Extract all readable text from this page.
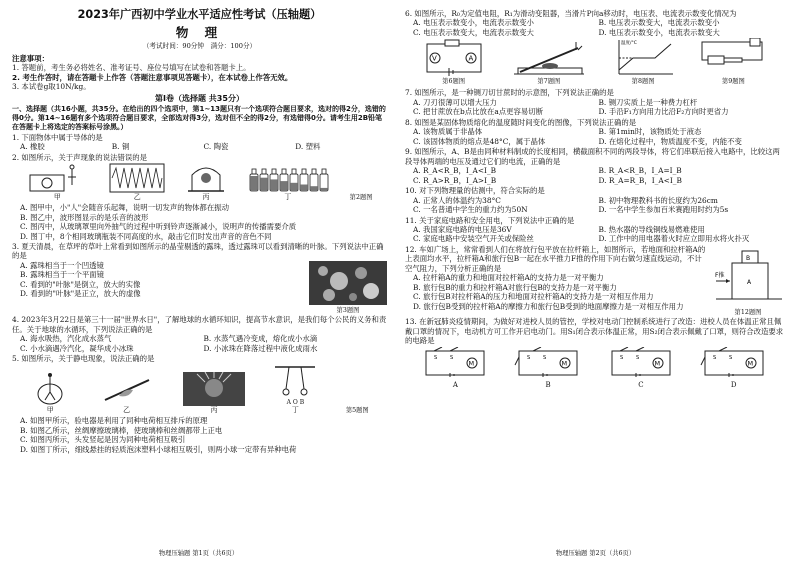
2023年广西初中学业水平适应性考试（压轴题）
物 理
（考试时间：90分钟　满分：100分）
注意事项：
1. 答题前，考生务必将姓名、准考证号、座位号填写在试卷和答题卡上。
2. 考生作答时，请在答题卡上作答（答题注意事项见答题卡），在本试卷上作答无效。
3. 本试卷g取10N/kg。
第Ⅰ卷（选择题 共35分）
一、选择题（共16小题，共35分。在给出的四个选项中，第1~13题只有一个选项符合题目要求，选对的得2分，选错的得0分。第14~16题有多个选项符合题目要求，全部选对得3分，选对但不全的得2分，有选错得0分。请考生用2B铅笔在答题卡上将选定的答案标号涂黑。）
1. 下面物体中属于导体的是
A. 橡胶	B. 铜	C. 陶瓷	D. 塑料
2. 如图所示，关于声现象的说法错误的是
甲	乙	丙	丁	第2题图
A. 图甲中，小"人"会随音乐起舞，说明一切发声的物体都在振动
B. 图乙中，波形图显示的是乐音的波形
C. 图丙中，从玻璃罩里向外抽气的过程中听到铃声逐渐减小，说明声的传播需要介质
D. 图丁中，8个相同玻璃瓶装不同高度的水，敲击它们时发出声音的音色不同
3. 夏天清晨，在草坪的草叶上常看到如图所示的晶莹剔透的露珠，透过露珠可以看到清晰的叶脉。下列说法中正确的是
第3题图
A. 露珠相当于一个凹透镜
B. 露珠相当于一个平面镜
C. 看到的"叶脉"是倒立，放大的实像
D. 看到的"叶脉"是正立，放大的虚像
4. 2023年3月22日是第三十一届"世界水日"，了解地球的水循环知识，提高节水意识，是我们每个公民的义务和责任。关于地球的水循环，下列说法正确的是
A. 海水吸热，汽化成水蒸气	B. 水蒸气遇冷变成，熔化成小水滴
C. 小水滴遇冷汽化，凝华成小冰珠	D. 小冰珠在降落过程中液化成雨水
5. 如图所示，关于静电现象，说法正确的是
甲	乙	丙
A O B
丁	第5题图
A. 如图甲所示，验电器是利用了同种电荷相互排斥的原理
B. 如图乙所示，丝绸摩擦玻璃棒，使玻璃棒和丝绸都带上正电
C. 如图丙所示，头发竖起是因为同种电荷相互吸引
D. 如图丁所示，细线悬挂的轻质泡沫塑料小球相互吸引，则两小球一定带有异种电荷
物理压轴题 第1页（共6页）
6. 如图所示，R₀为定值电阻，R₁为滑动变阻器，当滑片P向a移动时，电压表、电流表示数变化情况为
A. 电压表示数变小，电流表示数变小	B. 电压表示数变大，电流表示数变小
C. 电压表示数变大，电流表示数变大	D. 电压表示数变小，电流表示数变大
V	A
第6题图	第7题图
温度/°C
第8题图	第9题图
7. 如图所示，是一种铡刀切甘蔗时的示意图，下列说法正确的是
A. 刀刃很薄可以增大压力	B. 铡刀实质上是一种费力杠杆
C. 把甘蔗放在b点比放在a点更容易切断	D. 手沿F₁方向用力比沿F₂方向时更省力
8. 如图是某固体物质熔化的温度随时间变化的图像，下列说法正确的是
A. 该物质属于非晶体	B. 第1min时，该物质处于液态
C. 该固体物质的熔点是48°C，属于晶体	D. 在熔化过程中，物质温度不变，内能不变
9. 如图所示，A、B是由同种材料制成的长度相同，横截面积不同的两段导体，将它们串联后接入电路中，比较这两段导体两端的电压及通过它们的电流，正确的是
A. R_A<R_B，I_A<I_B	B. R_A<R_B，I_A=I_B
C. R_A>R_B，I_A>I_B	D. R_A=R_B，I_A<I_B
10. 对下列物理量的估测中，符合实际的是
A. 正常人的体温约为38°C	B. 初中物理教科书的长度约为26cm
C. 一名普通中学生的重力约为50N	D. 一名中学生参加百米赛跑用时约为5s
11. 关于家庭电路和安全用电，下列说法中正确的是
A. 我国家庭电路的电压是36V	B. 热水器的导线铜线易燃难使用
C. 家庭电路中安装空气开关或保险丝	D. 工作中的用电器着火时应立即用水将火扑灭
F推
B
A
第12题图
12. 车如广场上，常常看到人们在将放行包平放在拉杆箱上，如图所示，若地面和拉杆箱A的上表面均水平，拉杆箱A和旅行包B一起在水平推力F推的作用下向右做匀速直线运动，不计空气阻力，下列分析正确的是
A. 拉杆箱A的重力和地面对拉杆箱A的支持力是一对平衡力
B. 旅行包B的重力和拉杆箱A对旅行包B的支持力是一对平衡力
C. 旅行包B对拉杆箱A的压力和地面对拉杆箱A的支持力是一对相互作用力
D. 旅行包B受到的拉杆箱A的摩擦力和旅行包B受到的地面摩擦力是一对相互作用力
13. 在新冠肺炎疫情期间，为做好对进校人员的管控，学校对电动门控制系统进行了改造：进校人员在体温正常且佩戴口罩的情况下，电动机方可工作开启电动门。用S₁闭合表示体温正常，用S₂闭合表示佩戴了口罩，则符合改造要求的电路是
M
S	S
A
M
S	S
B
M
S	S
C
M
S	S
D
物理压轴题 第2页（共6页）
